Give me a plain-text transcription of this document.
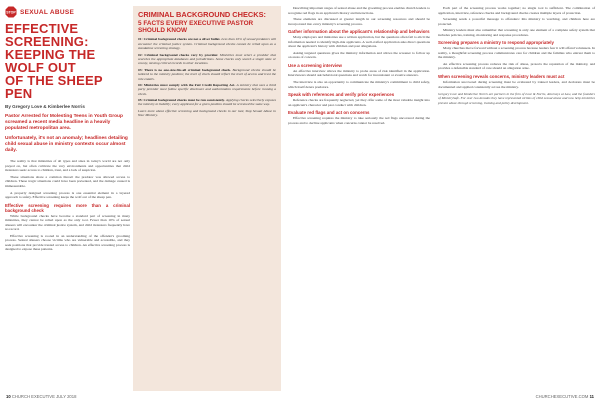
STOP SEXUAL ABUSE
EFFECTIVE SCREENING:
KEEPING THE WOLF OUT
OF THE SHEEP PEN
By Gregory Love & Kimberlee Norris
Pastor Arrested for Molesting Teens in Youth Group screamed a recent media headline in a heavily populated metropolitan area.
Unfortunately, it's not an anomaly; headlines detailing child sexual abuse in ministry contexts occur almost daily.

The reality is that ministries of all types and sizes in today's world are not only preyed on, but often cultivate the very environments and opportunities that child molesters seek: access to children, trust, and a lack of suspicion.

These situations share a common thread: the predator was allowed access to children. These tragic situations could have been prevented, and the damage caused is immeasurable.

A properly designed screening process is one essential element in a layered approach to safety. Effective screening keeps the wolf out of the sheep pen.

Effective screening requires more than a criminal background check

While background checks have become a standard part of screening in many ministries, they cannot be relied upon as the only tool. Fewer than 10% of sexual abusers will encounter the criminal justice system, and child molesters frequently have no record.

Effective screening is rooted in an understanding of the offender's grooming process. Sexual abusers choose victims who are vulnerable and accessible, and they seek positions that provide trusted access to children. An effective screening process is designed to expose these patterns.

CRIMINAL BACKGROUND CHECKS:
5 FACTS EVERY EXECUTIVE PASTOR SHOULD KNOW

#1: Criminal background checks are not a silver bullet. Less than 10% of sexual predators will encounter the criminal justice system. Criminal background checks cannot be relied upon as a standalone screening strategy.

#2: Criminal background checks vary by provider. Ministries must select a provider that searches the appropriate databases and jurisdictions. Some checks only search a single state or county, missing critical records in other locations.

#3: There is no one-size-fits-all criminal background check. Background checks should be tailored to the ministry position; the level of check should reflect the level of access and trust the role entails.

#4: Ministries must comply with the Fair Credit Reporting Act. A ministry that uses a third party provider must follow specific disclosure and authorization requirements before running a check.

#5: Criminal background checks must be run consistently. Applying checks selectively exposes the ministry to liability; every applicant for a given position should be screened the same way.

Learn more about effective screening and background checks in our tool, Stop Sexual Abuse in Your Ministry.

Describing important stages of sexual abuse and the grooming process enables church leaders to recognize red flags in an applicant's history and interactions.

These elements are discussed at greater length in our screening resources and should be incorporated into every ministry's screening process.

Gather information about the applicant's relationship and behaviors

Many employers and ministries use a written application, but the questions often fail to elicit the information needed to identify high-risk applicants. A well-crafted application asks direct questions about the applicant's history with children and past allegations.

Asking targeted questions gives the ministry information and allows the screener to follow up on areas of concern.

Use a screening interview

An effective interview allows the ministry to probe areas of risk identified in the application. Interviewers should ask behavioral questions and watch for inconsistent or evasive answers.

The interview is also an opportunity to communicate the ministry's commitment to child safety, which itself deters predators.

Speak with references and verify prior experiences

Reference checks are frequently neglected, yet they offer some of the most valuable insight into an applicant's character and past conduct with children.

Evaluate red flags and act on concerns

Effective screening requires the ministry to take seriously the red flags uncovered during the process and to decline applicants when concerns cannot be resolved.

Each part of the screening process works together; no single tool is sufficient. The combination of application, interview, reference checks and background checks creates multiple layers of protection.

Screening sends a powerful message to offenders: this ministry is watching, and children here are protected.

Ministry leaders must also remember that screening is only one element of a complete safety system that includes policies, training, monitoring and response procedures.

Screening prepares a ministry to respond appropriately

Many churches move forward without a screening process because leaders fear it will offend volunteers. In reality, a thoughtful screening process communicates care for children and the families who entrust them to the ministry.

An effective screening process reduces the risk of abuse, protects the reputation of the ministry, and provides a defensible standard of care should an allegation arise.

When screening reveals concerns, ministry leaders must act

Information uncovered during screening must be evaluated by trained leaders, and decisions must be documented and applied consistently across the ministry.

Gregory Love and Kimberlee Norris are partners in the firm of Love & Norris, Attorneys at Law, and the founders of MinistrySafe. For over two decades they have represented victims of child sexual abuse and now help ministries prevent abuse through screening, training and policy development.
10 CHURCH EXECUTIVE JULY 2018	CHURCHEXECUTIVE.COM 11
